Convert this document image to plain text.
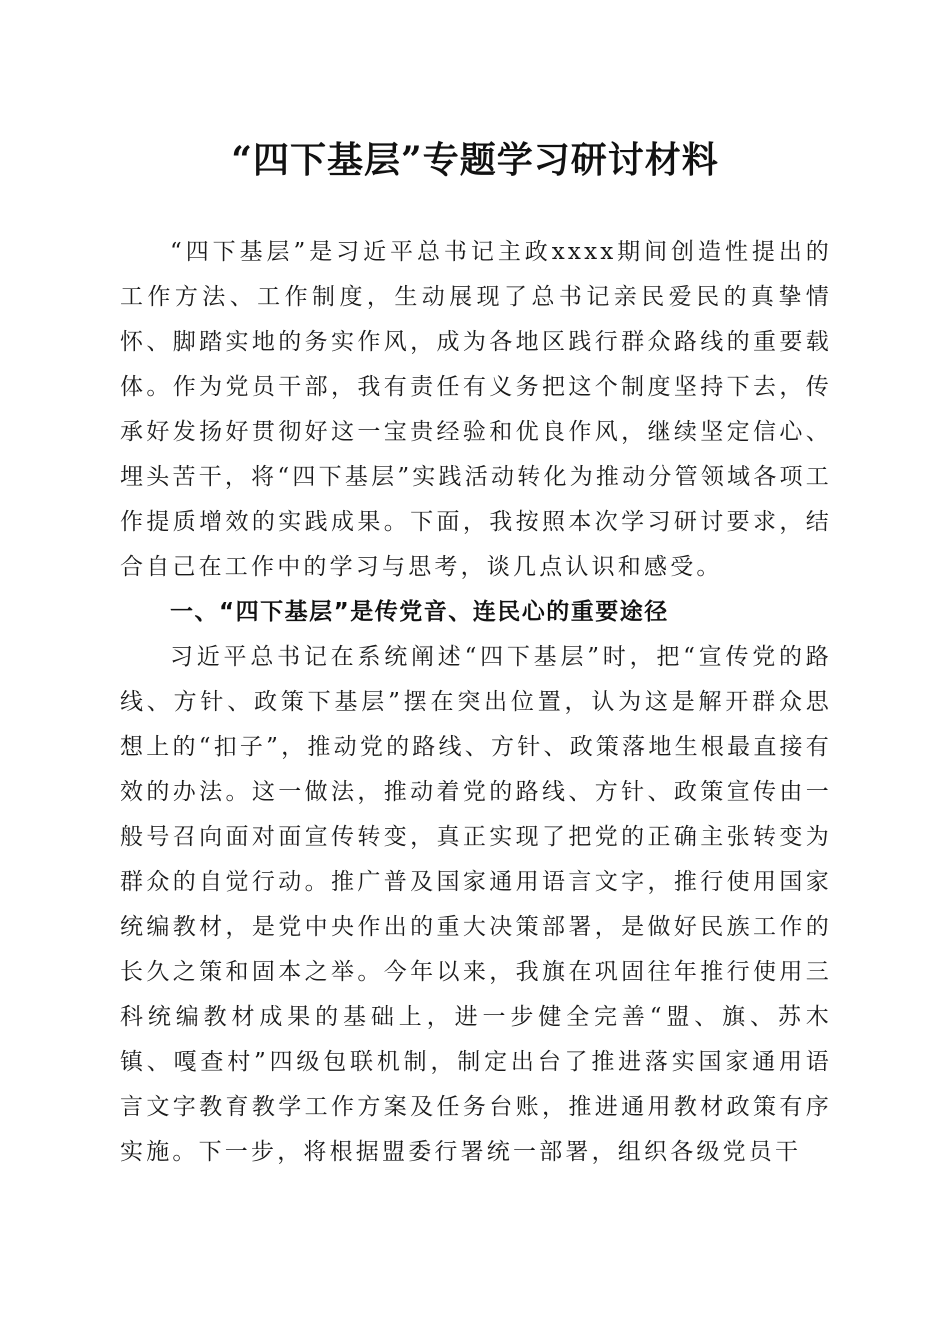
“四下基层”专题学习研讨材料

“四下基层”是习近平总书记主政xxxx期间创造性提出的工作方法、工作制度，生动展现了总书记亲民爱民的真挚情怀、脚踏实地的务实作风，成为各地区践行群众路线的重要载体。作为党员干部，我有责任有义务把这个制度坚持下去，传承好发扬好贯彻好这一宝贵经验和优良作风，继续坚定信心、埋头苦干，将“四下基层”实践活动转化为推动分管领域各项工作提质增效的实践成果。下面，我按照本次学习研讨要求，结合自己在工作中的学习与思考，谈几点认识和感受。

一、“四下基层”是传党音、连民心的重要途径

习近平总书记在系统阐述“四下基层”时，把“宣传党的路线、方针、政策下基层”摆在突出位置，认为这是解开群众思想上的“扣子”，推动党的路线、方针、政策落地生根最直接有效的办法。这一做法，推动着党的路线、方针、政策宣传由一般号召向面对面宣传转变，真正实现了把党的正确主张转变为群众的自觉行动。推广普及国家通用语言文字，推行使用国家统编教材，是党中央作出的重大决策部署，是做好民族工作的长久之策和固本之举。今年以来，我旗在巩固往年推行使用三科统编教材成果的基础上，进一步健全完善“盟、旗、苏木镇、嘎查村”四级包联机制，制定出台了推进落实国家通用语言文字教育教学工作方案及任务台账，推进通用教材政策有序实施。下一步，将根据盟委行署统一部署，组织各级党员干
